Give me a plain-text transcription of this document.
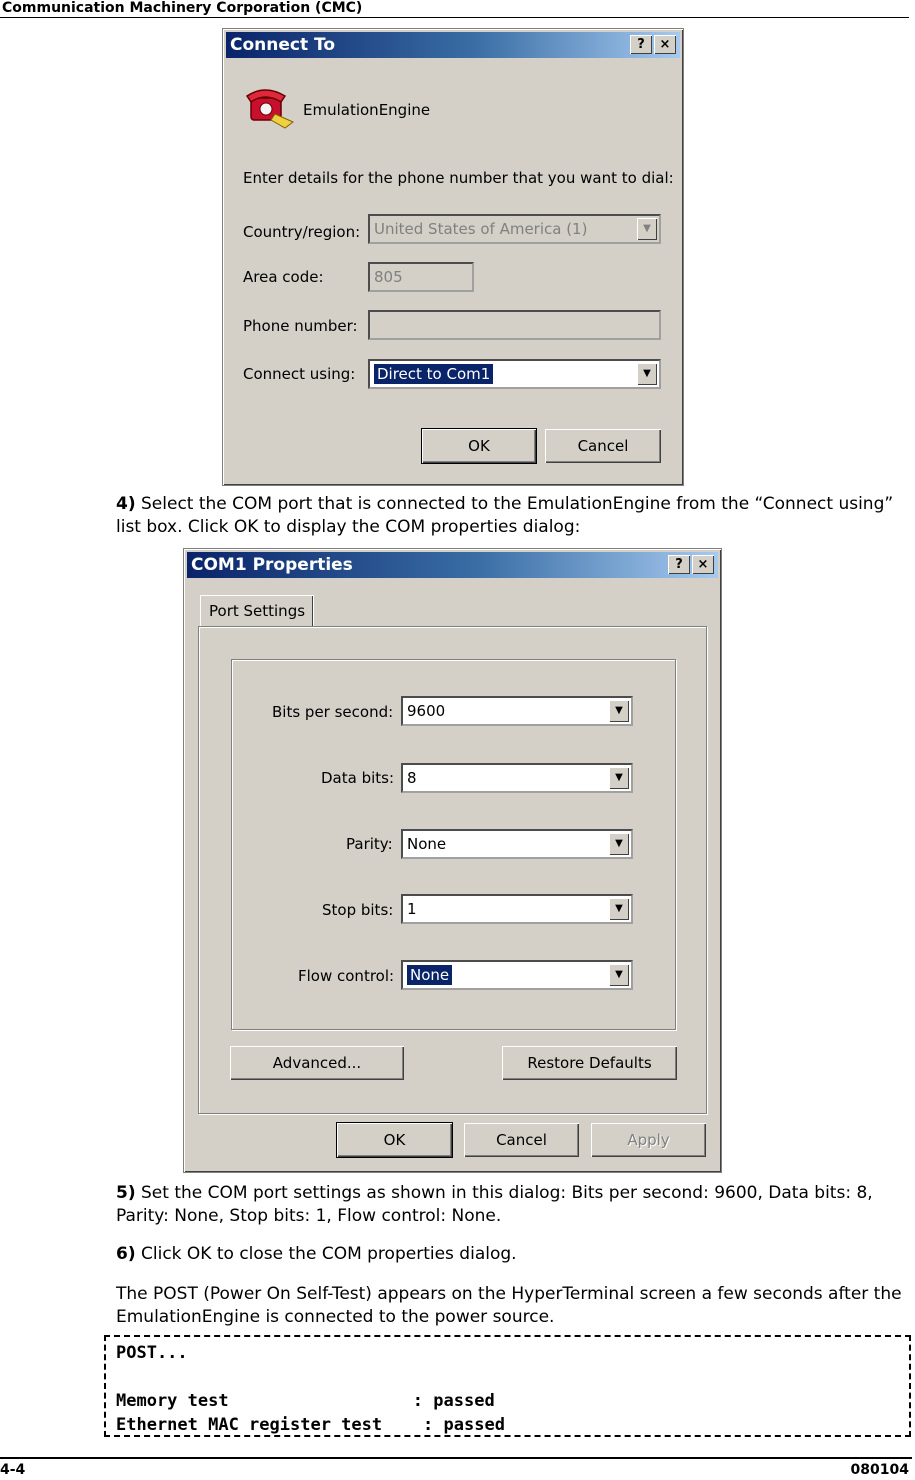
Communication Machinery Corporation (CMC)
Connect To	?	×
EmulationEngine
Enter details for the phone number that you want to dial:
Country/region: United States of America (1)	▼
Area code:	805
Phone number:
Connect using:	Direct to Com1	▼
OK	Cancel
4) Select the COM port that is connected to the EmulationEngine from the “Connect using” list box. Click OK to display the COM properties dialog:
COM1 Properties	?	×
Port Settings
Bits per second: 9600	▼
Data bits: 8	▼
Parity: None	▼
Stop bits: 1	▼
Flow control:	None	▼
Advanced...	Restore Defaults
OK	Cancel	Apply
5) Set the COM port settings as shown in this dialog: Bits per second: 9600, Data bits: 8, Parity: None, Stop bits: 1, Flow control: None.
6) Click OK to close the COM properties dialog.
The POST (Power On Self-Test) appears on the HyperTerminal screen a few seconds after the EmulationEngine is connected to the power source.
POST...
Memory test                  : passed
Ethernet MAC register test    : passed
4-4	080104
